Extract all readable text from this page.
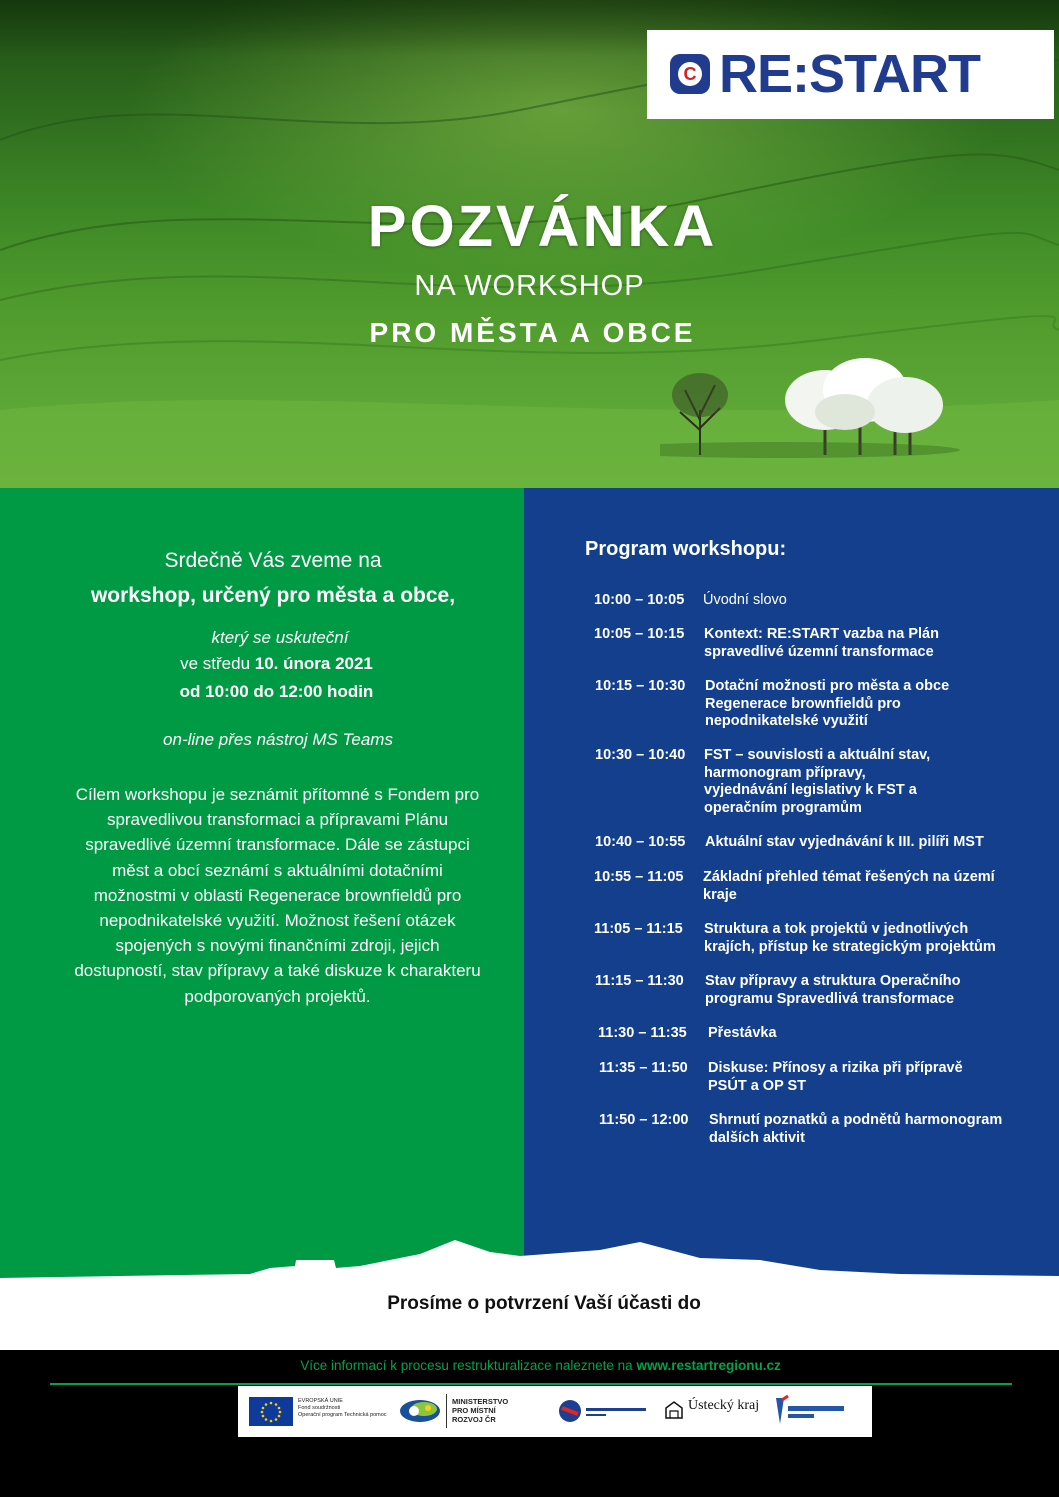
C RE:START
POZVÁNKA
NA WORKSHOP
PRO MĚSTA A OBCE
Srdečně Vás zveme na
workshop, určený pro města a obce,
který se uskuteční
ve středu 10. února 2021
od 10:00 do 12:00 hodin
on-line přes nástroj MS Teams
Cílem workshopu je seznámit přítomné s Fondem pro spravedlivou transformaci a přípravami Plánu spravedlivé územní transformace. Dále se zástupci měst a obcí seznámí s aktuálními dotačními možnostmi v oblasti Regenerace brownfieldů pro nepodnikatelské využití. Možnost řešení otázek spojených s novými finančními zdroji, jejich dostupností, stav přípravy a také diskuze k charakteru podporovaných projektů.
Program workshopu:
10:00 – 10:05	Úvodní slovo
10:05 – 10:15	Kontext: RE:START vazba na Plán
spravedlivé územní transformace
10:15 – 10:30	Dotační možnosti pro města a obce
Regenerace brownfieldů pro
nepodnikatelské využití
10:30 – 10:40	FST – souvislosti a aktuální stav,
harmonogram přípravy,
vyjednávání legislativy k FST a
operačním programům
10:40 – 10:55	Aktuální stav vyjednávání k III. pilíři MST
10:55 – 11:05	Základní přehled témat řešených na území
kraje
11:05 – 11:15	Struktura a tok projektů v jednotlivých
krajích, přístup ke strategickým projektům
11:15 – 11:30	Stav přípravy a struktura Operačního
programu Spravedlivá transformace
11:30 – 11:35	Přestávka
11:35 – 11:50	Diskuse: Přínosy a rizika při přípravě
PSÚT a OP ST
11:50 – 12:00	Shrnutí poznatků a podnětů harmonogram
dalších aktivit
Prosíme o potvrzení Vaší účasti do
Více informací k procesu restrukturalizace naleznete na www.restartregionu.cz
EVROPSKÁ UNIE
Fond soudržnosti
Operační program Technická pomoc
MINISTERSTVO
PRO MÍSTNÍ
ROZVOJ ČR
Ústecký kraj
